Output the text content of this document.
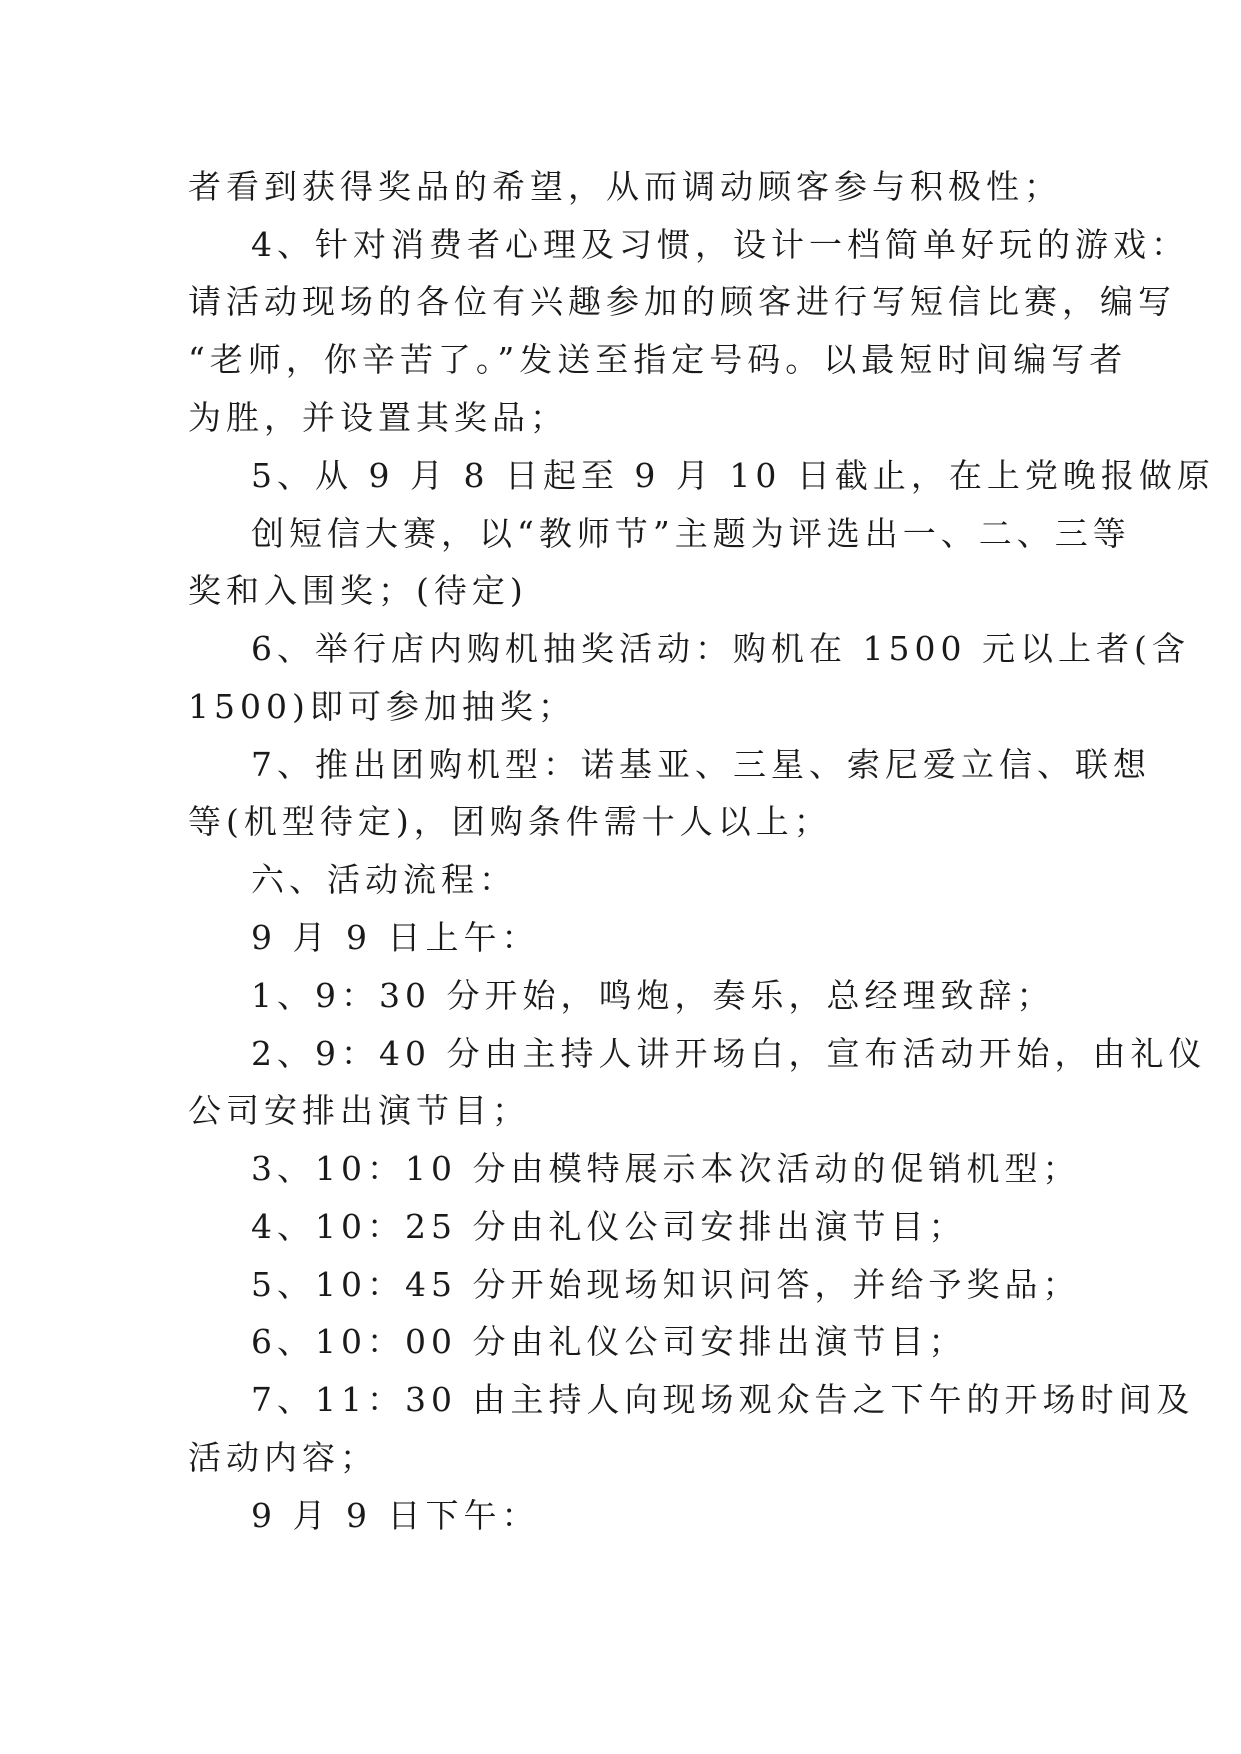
者看到获得奖品的希望，从而调动顾客参与积极性；
4、针对消费者心理及习惯，设计一档简单好玩的游戏：
请活动现场的各位有兴趣参加的顾客进行写短信比赛，编写
“老师，你辛苦了。”发送至指定号码。以最短时间编写者
为胜，并设置其奖品；
5、从 9 月 8 日起至 9 月 10 日截止，在上党晚报做原
创短信大赛，以“教师节”主题为评选出一、二、三等
奖和入围奖；(待定)
6、举行店内购机抽奖活动：购机在 1500 元以上者(含
1500)即可参加抽奖；
7、推出团购机型：诺基亚、三星、索尼爱立信、联想
等(机型待定)，团购条件需十人以上；
六、活动流程：
9 月 9 日上午：
1、9：30 分开始，鸣炮，奏乐，总经理致辞；
2、9：40 分由主持人讲开场白，宣布活动开始，由礼仪
公司安排出演节目；
3、10：10 分由模特展示本次活动的促销机型；
4、10：25 分由礼仪公司安排出演节目；
5、10：45 分开始现场知识问答，并给予奖品；
6、10：00 分由礼仪公司安排出演节目；
7、11：30 由主持人向现场观众告之下午的开场时间及
活动内容；
9 月 9 日下午：
